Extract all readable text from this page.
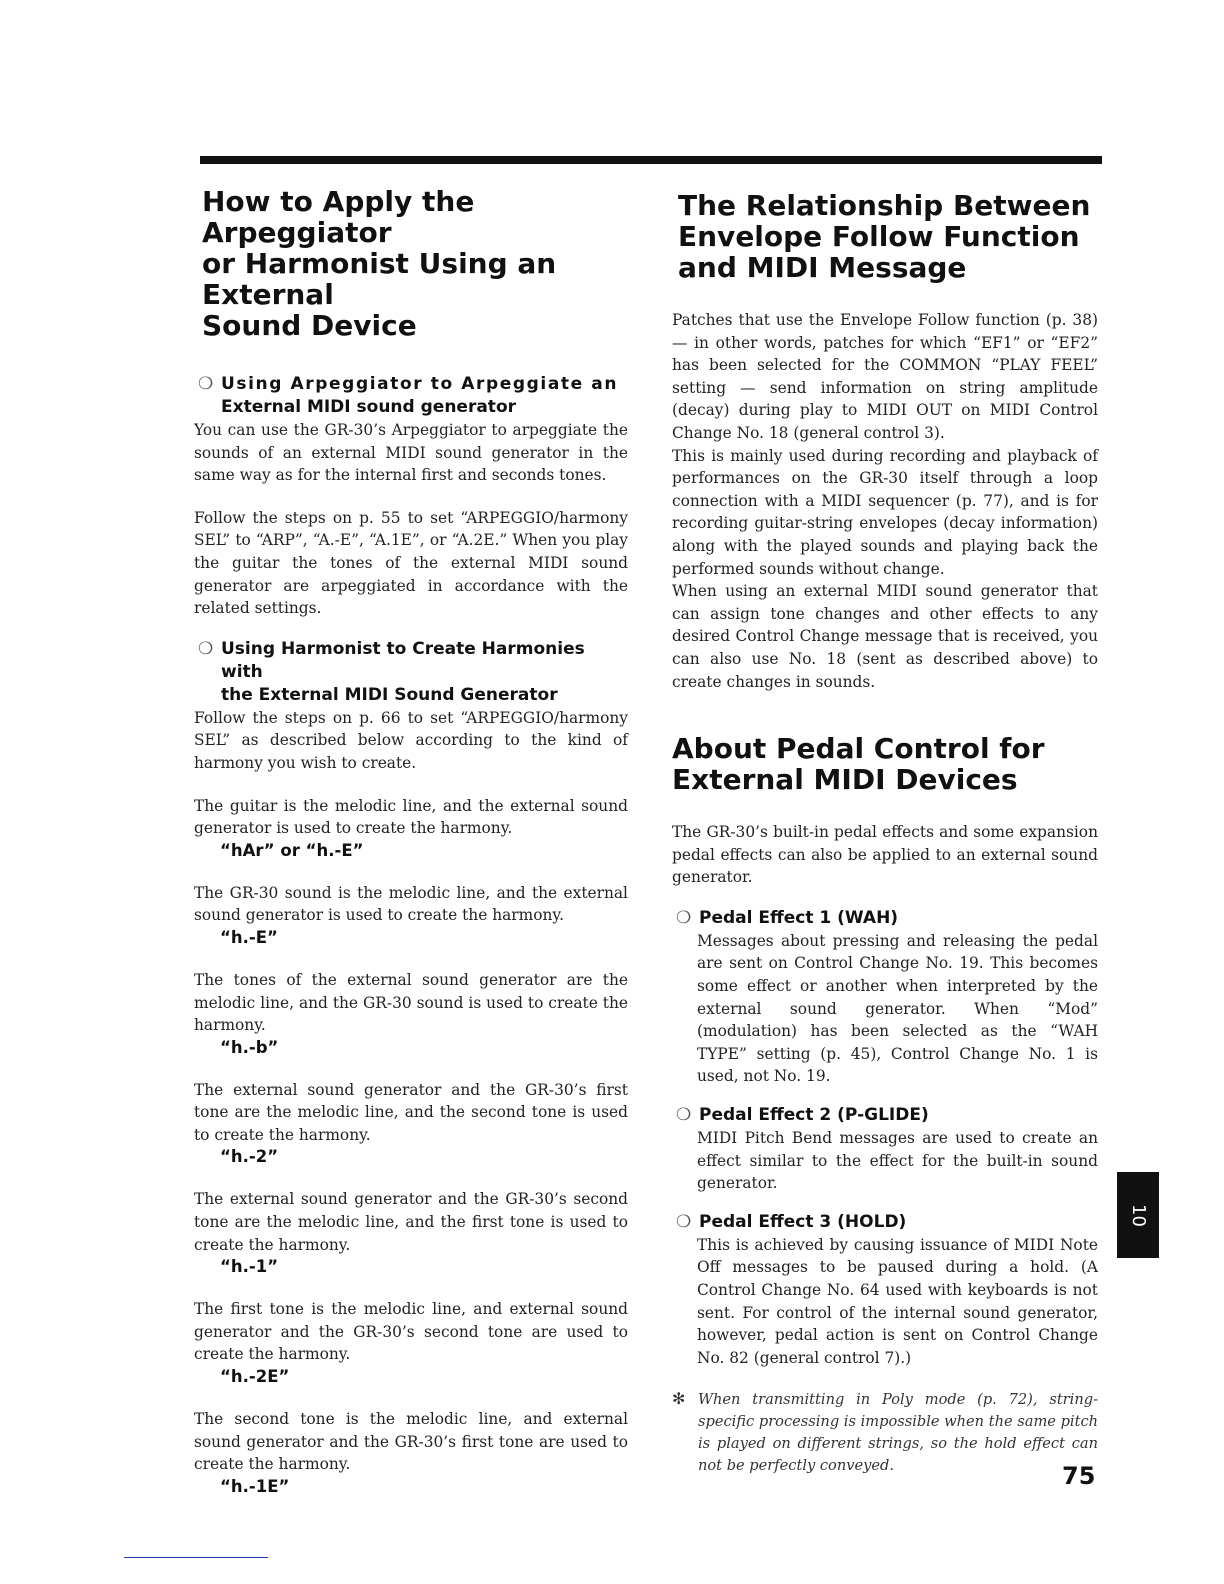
How to Apply the Arpeggiator
or Harmonist Using an External
Sound Device
❍ Using Arpeggiator to Arpeggiate an
External MIDI sound generator

You can use the GR-30’s Arpeggiator to arpeggiate the sounds of an external MIDI sound generator in the same way as for the internal first and seconds tones.

Follow the steps on p. 55 to set “ARPEGGIO/harmony SEL” to “ARP”, “A.-E”, “A.1E”, or “A.2E.” When you play the guitar the tones of the external MIDI sound generator are arpeggiated in accordance with the related settings.

❍ Using Harmonist to Create Harmonies with
the External MIDI Sound Generator

Follow the steps on p. 66 to set “ARPEGGIO/harmony SEL” as described below according to the kind of harmony you wish to create.

The guitar is the melodic line, and the external sound generator is used to create the harmony.

“hAr” or “h.-E”

The GR-30 sound is the melodic line, and the external sound generator is used to create the harmony.

“h.-E”

The tones of the external sound generator are the melodic line, and the GR-30 sound is used to create the harmony.

“h.-b”

The external sound generator and the GR-30’s first tone are the melodic line, and the second tone is used to create the harmony.

“h.-2”

The external sound generator and the GR-30’s second tone are the melodic line, and the first tone is used to create the harmony.

“h.-1”

The first tone is the melodic line, and external sound generator and the GR-30’s second tone are used to create the harmony.

“h.-2E”

The second tone is the melodic line, and external sound generator and the GR-30’s first tone are used to create the harmony.

“h.-1E”
The Relationship Between
Envelope Follow Function
and MIDI Message

Patches that use the Envelope Follow function (p. 38) — in other words, patches for which “EF1” or “EF2” has been selected for the COMMON “PLAY FEEL” setting — send information on string amplitude (decay) during play to MIDI OUT on MIDI Control Change No. 18 (general control 3).

This is mainly used during recording and playback of performances on the GR-30 itself through a loop connection with a MIDI sequencer (p. 77), and is for recording guitar-string envelopes (decay information) along with the played sounds and playing back the performed sounds without change.

When using an external MIDI sound generator that can assign tone changes and other effects to any desired Control Change message that is received, you can also use No. 18 (sent as described above) to create changes in sounds.

About Pedal Control for
External MIDI Devices

The GR-30’s built-in pedal effects and some expansion pedal effects can also be applied to an external sound generator.

❍ Pedal Effect 1 (WAH)

Messages about pressing and releasing the pedal are sent on Control Change No. 19. This becomes some effect or another when interpreted by the external sound generator. When “Mod” (modulation) has been selected as the “WAH TYPE” setting (p. 45), Control Change No. 1 is used, not No. 19.

❍ Pedal Effect 2 (P-GLIDE)

MIDI Pitch Bend messages are used to create an effect similar to the effect for the built-in sound generator.

❍ Pedal Effect 3 (HOLD)

This is achieved by causing issuance of MIDI Note Off messages to be paused during a hold. (A Control Change No. 64 used with keyboards is not sent. For control of the internal sound generator, however, pedal action is sent on Control Change No. 82 (general control 7).)

✻ When transmitting in Poly mode (p. 72), string-specific processing is impossible when the same pitch is played on different strings, so the hold effect can not be perfectly conveyed.

10
75
